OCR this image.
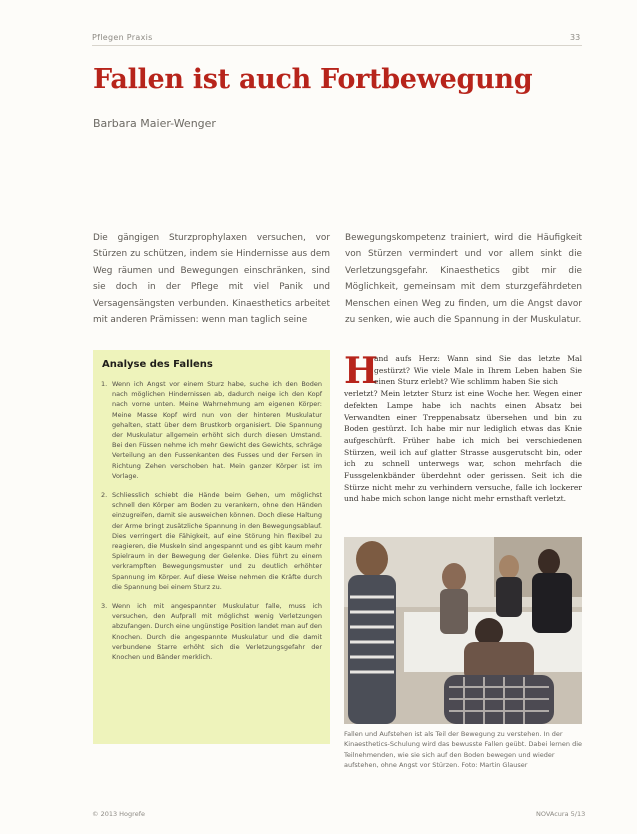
Pflegen Praxis	33
Fallen ist auch Fortbewegung
Barbara Maier-Wenger

Die gängigen Sturzprophylaxen versuchen, vor Stürzen zu schützen, indem sie Hindernisse aus dem Weg räumen und Bewegungen einschränken, sind sie doch in der Pflege mit viel Panik und Versagensängsten verbunden. Kinaesthetics arbeitet mit anderen Prämissen: wenn man taglich seine

Bewegungskompetenz trainiert, wird die Häufigkeit von Stürzen vermindert und vor allem sinkt die Verletzungsgefahr. Kinaesthetics gibt mir die Möglichkeit, gemeinsam mit dem sturzgefährdeten Menschen einen Weg zu finden, um die Angst davor zu senken, wie auch die Spannung in der Muskulatur.

Analyse des Fallens
1. Wenn ich Angst vor einem Sturz habe, suche ich den Boden nach möglichen Hindernissen ab, dadurch neige ich den Kopf nach vorne unten. Meine Wahrnehmung am eigenen Körper: Meine Masse Kopf wird nun von der hinteren Muskulatur gehalten, statt über dem Brustkorb organisiert. Die Spannung der Muskulatur allgemein erhöht sich durch diesen Umstand. Bei den Füssen nehme ich mehr Gewicht des Gewichts, schräge Verteilung an den Fussenkanten des Fusses und der Fersen in Richtung Zehen verschoben hat. Mein ganzer Körper ist im Vorlage.
2. Schliesslich schiebt die Hände beim Gehen, um möglichst schnell den Körper am Boden zu verankern, ohne den Händen einzugreifen, damit sie ausweichen können. Doch diese Haltung der Arme bringt zusätzliche Spannung in den Bewegungsablauf. Dies verringert die Fähigkeit, auf eine Störung hin flexibel zu reagieren, die Muskeln sind angespannt und es gibt kaum mehr Spielraum in der Bewegung der Gelenke. Dies führt zu einem verkrampften Bewegungsmuster und zu deutlich erhöhter Spannung im Körper. Auf diese Weise nehmen die Kräfte durch die Spannung bei einem Sturz zu.
3. Wenn ich mit angespannter Muskulatur falle, muss ich versuchen, den Aufprall mit möglichst wenig Verletzungen abzufangen. Durch eine ungünstige Position landet man auf den Knochen. Durch die angespannte Muskulatur und die damit verbundene Starre erhöht sich die Verletzungsgefahr der Knochen und Bänder merklich.
H
and aufs Herz: Wann sind Sie das letzte Mal gestürzt? Wie viele Male in Ihrem Leben haben Sie einen Sturz erlebt? Wie schlimm haben Sie sich
verletzt? Mein letzter Sturz ist eine Woche her. Wegen einer defekten Lampe habe ich nachts einen Absatz bei Verwandten einer Treppenabsatz übersehen und bin zu Boden gestürzt. Ich habe mir nur lediglich etwas das Knie aufgeschürft. Früher habe ich mich bei verschiedenen Stürzen, weil ich auf glatter Strasse ausgerutscht bin, oder ich zu schnell unterwegs war, schon mehrfach die Fussgelenkbänder überdehnt oder gerissen. Seit ich die Stürze nicht mehr zu verhindern versuche, falle ich lockerer und habe mich schon lange nicht mehr ernsthaft verletzt.

Fallen und Aufstehen ist als Teil der Bewegung zu verstehen. In der Kinaesthetics-Schulung wird das bewusste Fallen geübt. Dabei lernen die Teilnehmenden, wie sie sich auf den Boden bewegen und wieder aufstehen, ohne Angst vor Stürzen. Foto: Martin Glauser

© 2013 Hogrefe	NOVAcura 5/13
